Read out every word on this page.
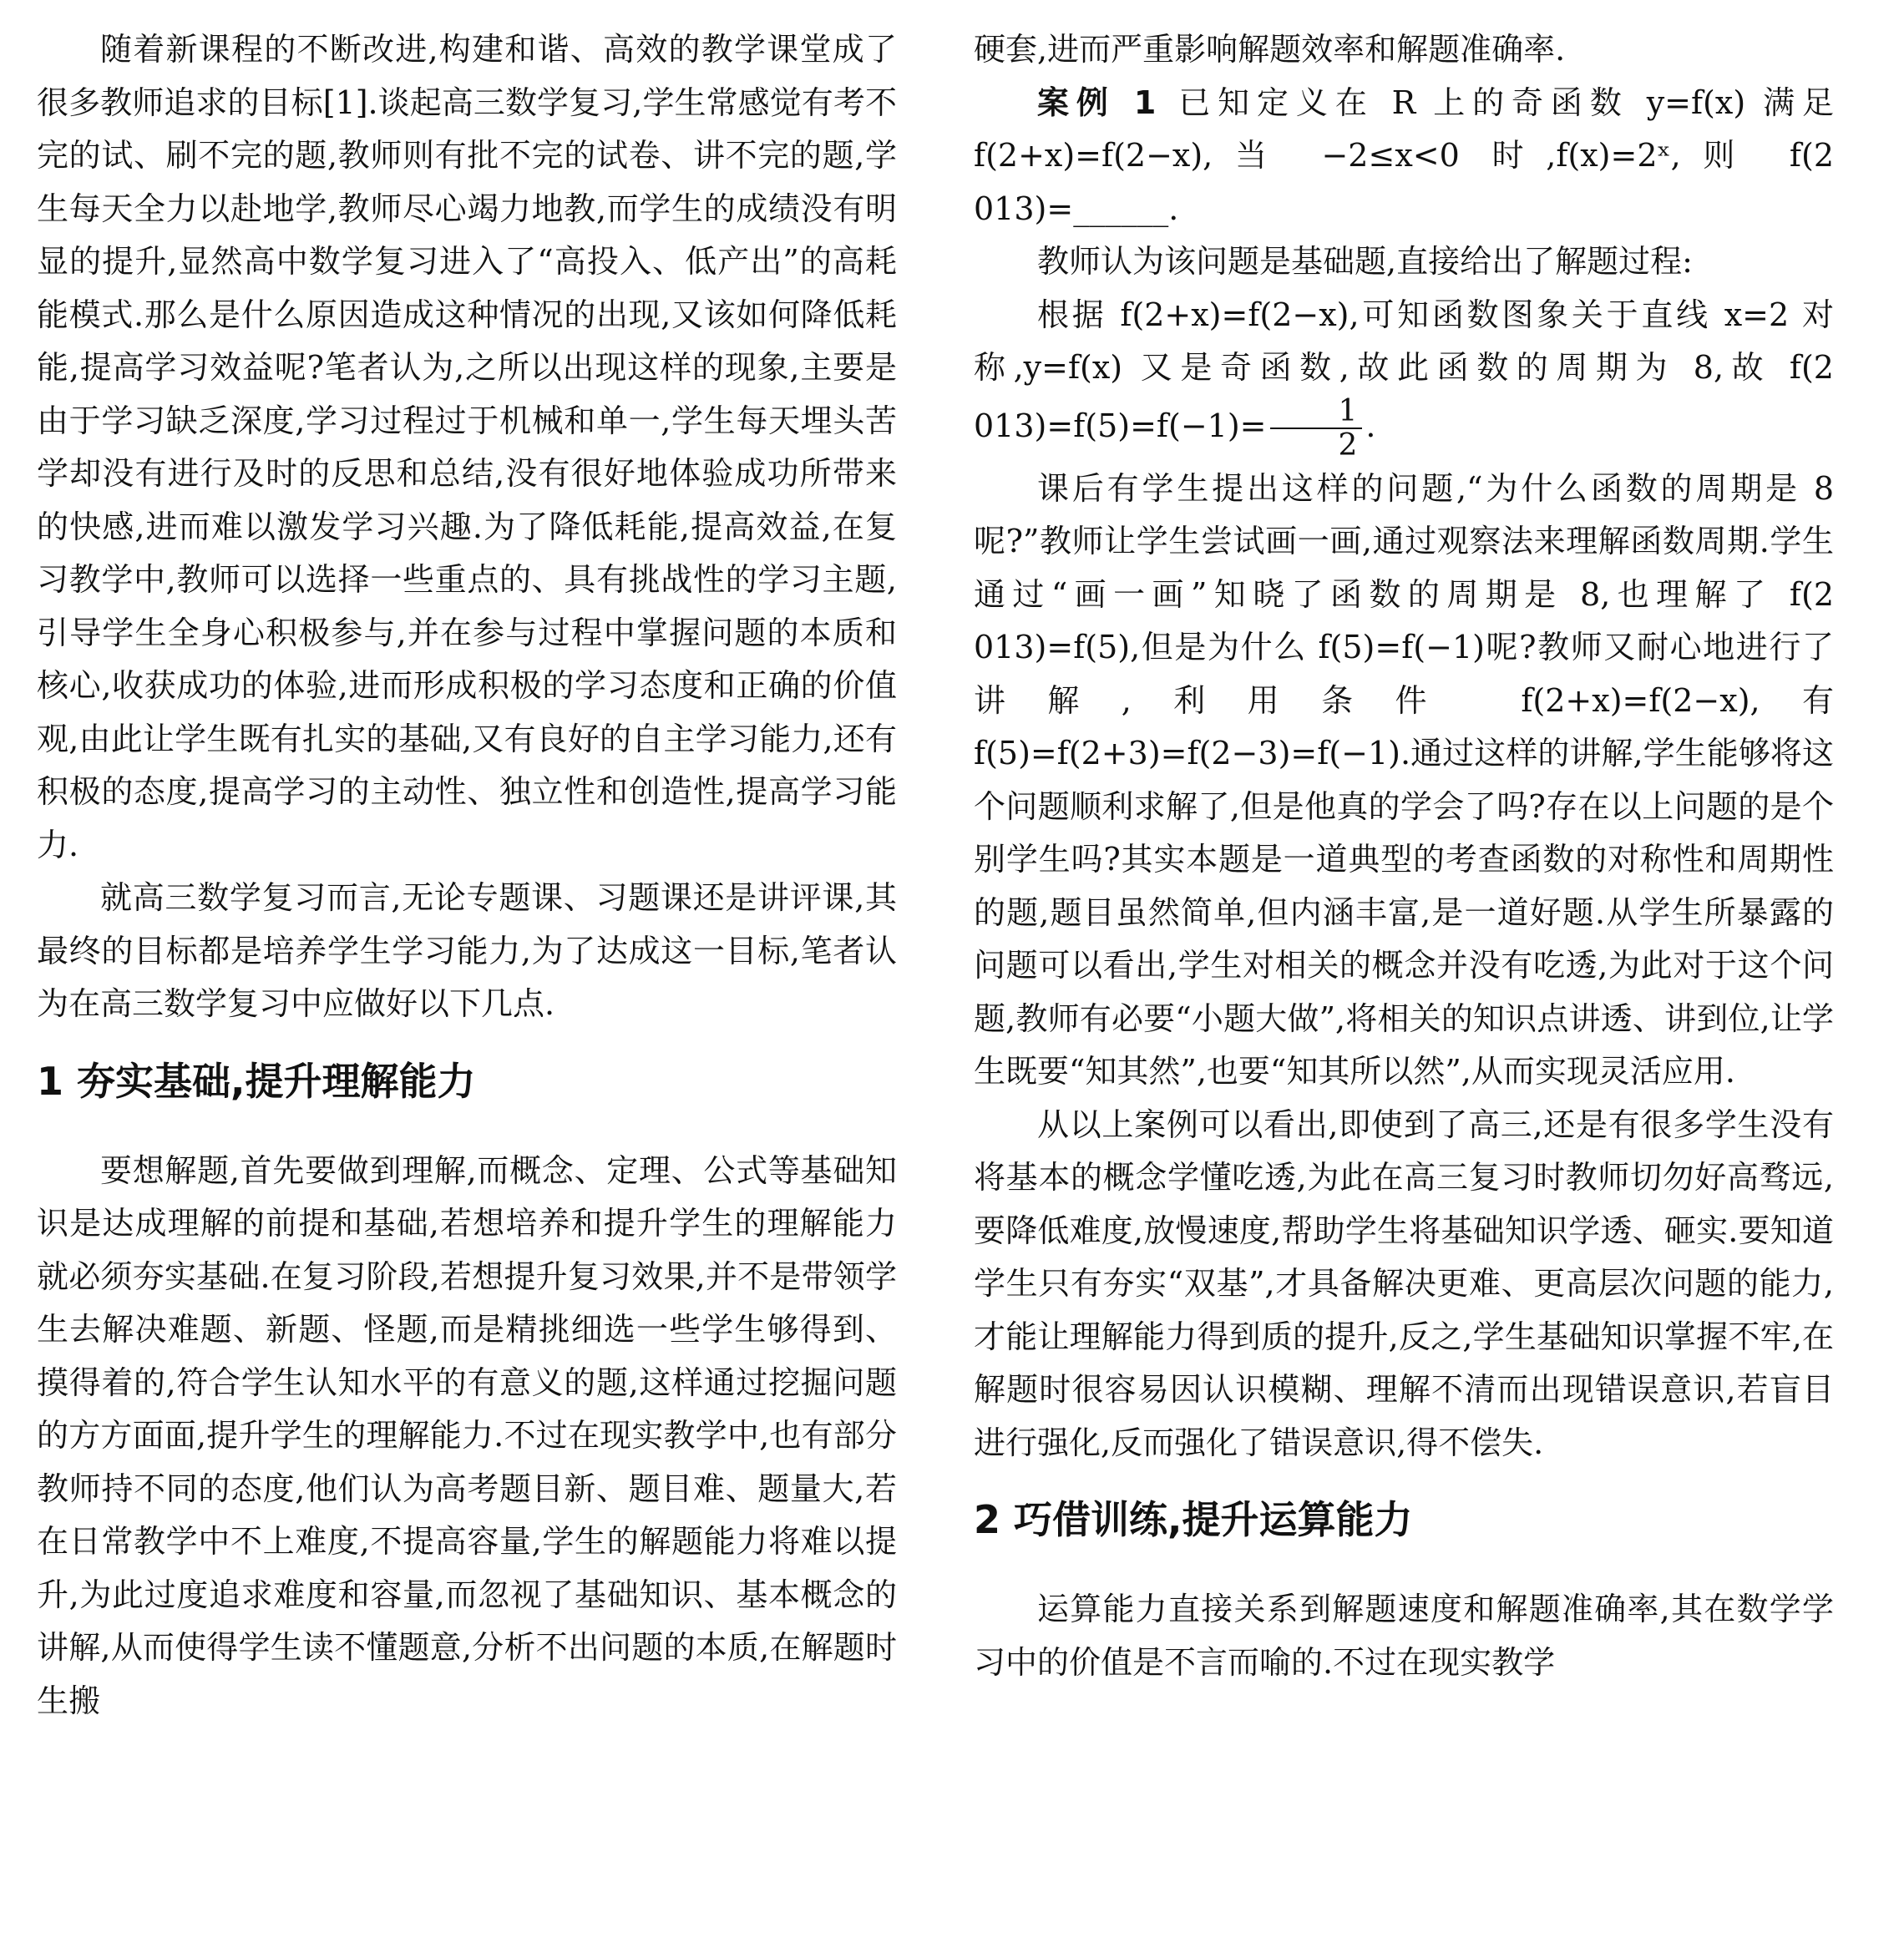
随着新课程的不断改进,构建和谐、高效的教学课堂成了很多教师追求的目标[1].谈起高三数学复习,学生常感觉有考不完的试、刷不完的题,教师则有批不完的试卷、讲不完的题,学生每天全力以赴地学,教师尽心竭力地教,而学生的成绩没有明显的提升,显然高中数学复习进入了“高投入、低产出”的高耗能模式.那么是什么原因造成这种情况的出现,又该如何降低耗能,提高学习效益呢?笔者认为,之所以出现这样的现象,主要是由于学习缺乏深度,学习过程过于机械和单一,学生每天埋头苦学却没有进行及时的反思和总结,没有很好地体验成功所带来的快感,进而难以激发学习兴趣.为了降低耗能,提高效益,在复习教学中,教师可以选择一些重点的、具有挑战性的学习主题,引导学生全身心积极参与,并在参与过程中掌握问题的本质和核心,收获成功的体验,进而形成积极的学习态度和正确的价值观,由此让学生既有扎实的基础,又有良好的自主学习能力,还有积极的态度,提高学习的主动性、独立性和创造性,提高学习能力.

就高三数学复习而言,无论专题课、习题课还是讲评课,其最终的目标都是培养学生学习能力,为了达成这一目标,笔者认为在高三数学复习中应做好以下几点.

1 夯实基础,提升理解能力

要想解题,首先要做到理解,而概念、定理、公式等基础知识是达成理解的前提和基础,若想培养和提升学生的理解能力就必须夯实基础.在复习阶段,若想提升复习效果,并不是带领学生去解决难题、新题、怪题,而是精挑细选一些学生够得到、摸得着的,符合学生认知水平的有意义的题,这样通过挖掘问题的方方面面,提升学生的理解能力.不过在现实教学中,也有部分教师持不同的态度,他们认为高考题目新、题目难、题量大,若在日常教学中不上难度,不提高容量,学生的解题能力将难以提升,为此过度追求难度和容量,而忽视了基础知识、基本概念的讲解,从而使得学生读不懂题意,分析不出问题的本质,在解题时生搬

硬套,进而严重影响解题效率和解题准确率.

案例 1 已知定义在 R 上的奇函数 y=f(x) 满足 f(2+x)=f(2−x),当 −2≤x<0 时,f(x)=2ˣ,则 f(2 013)=______.

教师认为该问题是基础题,直接给出了解题过程:

根据 f(2+x)=f(2−x),可知函数图象关于直线 x=2 对称,y=f(x) 又是奇函数,故此函数的周期为 8,故 f(2 $013)=f(5)=f(-1)= \frac{1}{2}$ .

课后有学生提出这样的问题,“为什么函数的周期是 8 呢?”教师让学生尝试画一画,通过观察法来理解函数周期.学生通过“画一画”知晓了函数的周期是 8,也理解了 f(2 013)=f(5),但是为什么 f(5)=f(−1)呢?教师又耐心地进行了讲解,利用条件 f(2+x)=f(2−x),有 f(5)=f(2+3)=f(2−3)=f(−1).通过这样的讲解,学生能够将这个问题顺利求解了,但是他真的学会了吗?存在以上问题的是个别学生吗?其实本题是一道典型的考查函数的对称性和周期性的题,题目虽然简单,但内涵丰富,是一道好题.从学生所暴露的问题可以看出,学生对相关的概念并没有吃透,为此对于这个问题,教师有必要“小题大做”,将相关的知识点讲透、讲到位,让学生既要“知其然”,也要“知其所以然”,从而实现灵活应用.

从以上案例可以看出,即使到了高三,还是有很多学生没有将基本的概念学懂吃透,为此在高三复习时教师切勿好高骛远,要降低难度,放慢速度,帮助学生将基础知识学透、砸实.要知道学生只有夯实“双基”,才具备解决更难、更高层次问题的能力,才能让理解能力得到质的提升,反之,学生基础知识掌握不牢,在解题时很容易因认识模糊、理解不清而出现错误意识,若盲目进行强化,反而强化了错误意识,得不偿失.

2 巧借训练,提升运算能力

运算能力直接关系到解题速度和解题准确率,其在数学学习中的价值是不言而喻的.不过在现实教学
